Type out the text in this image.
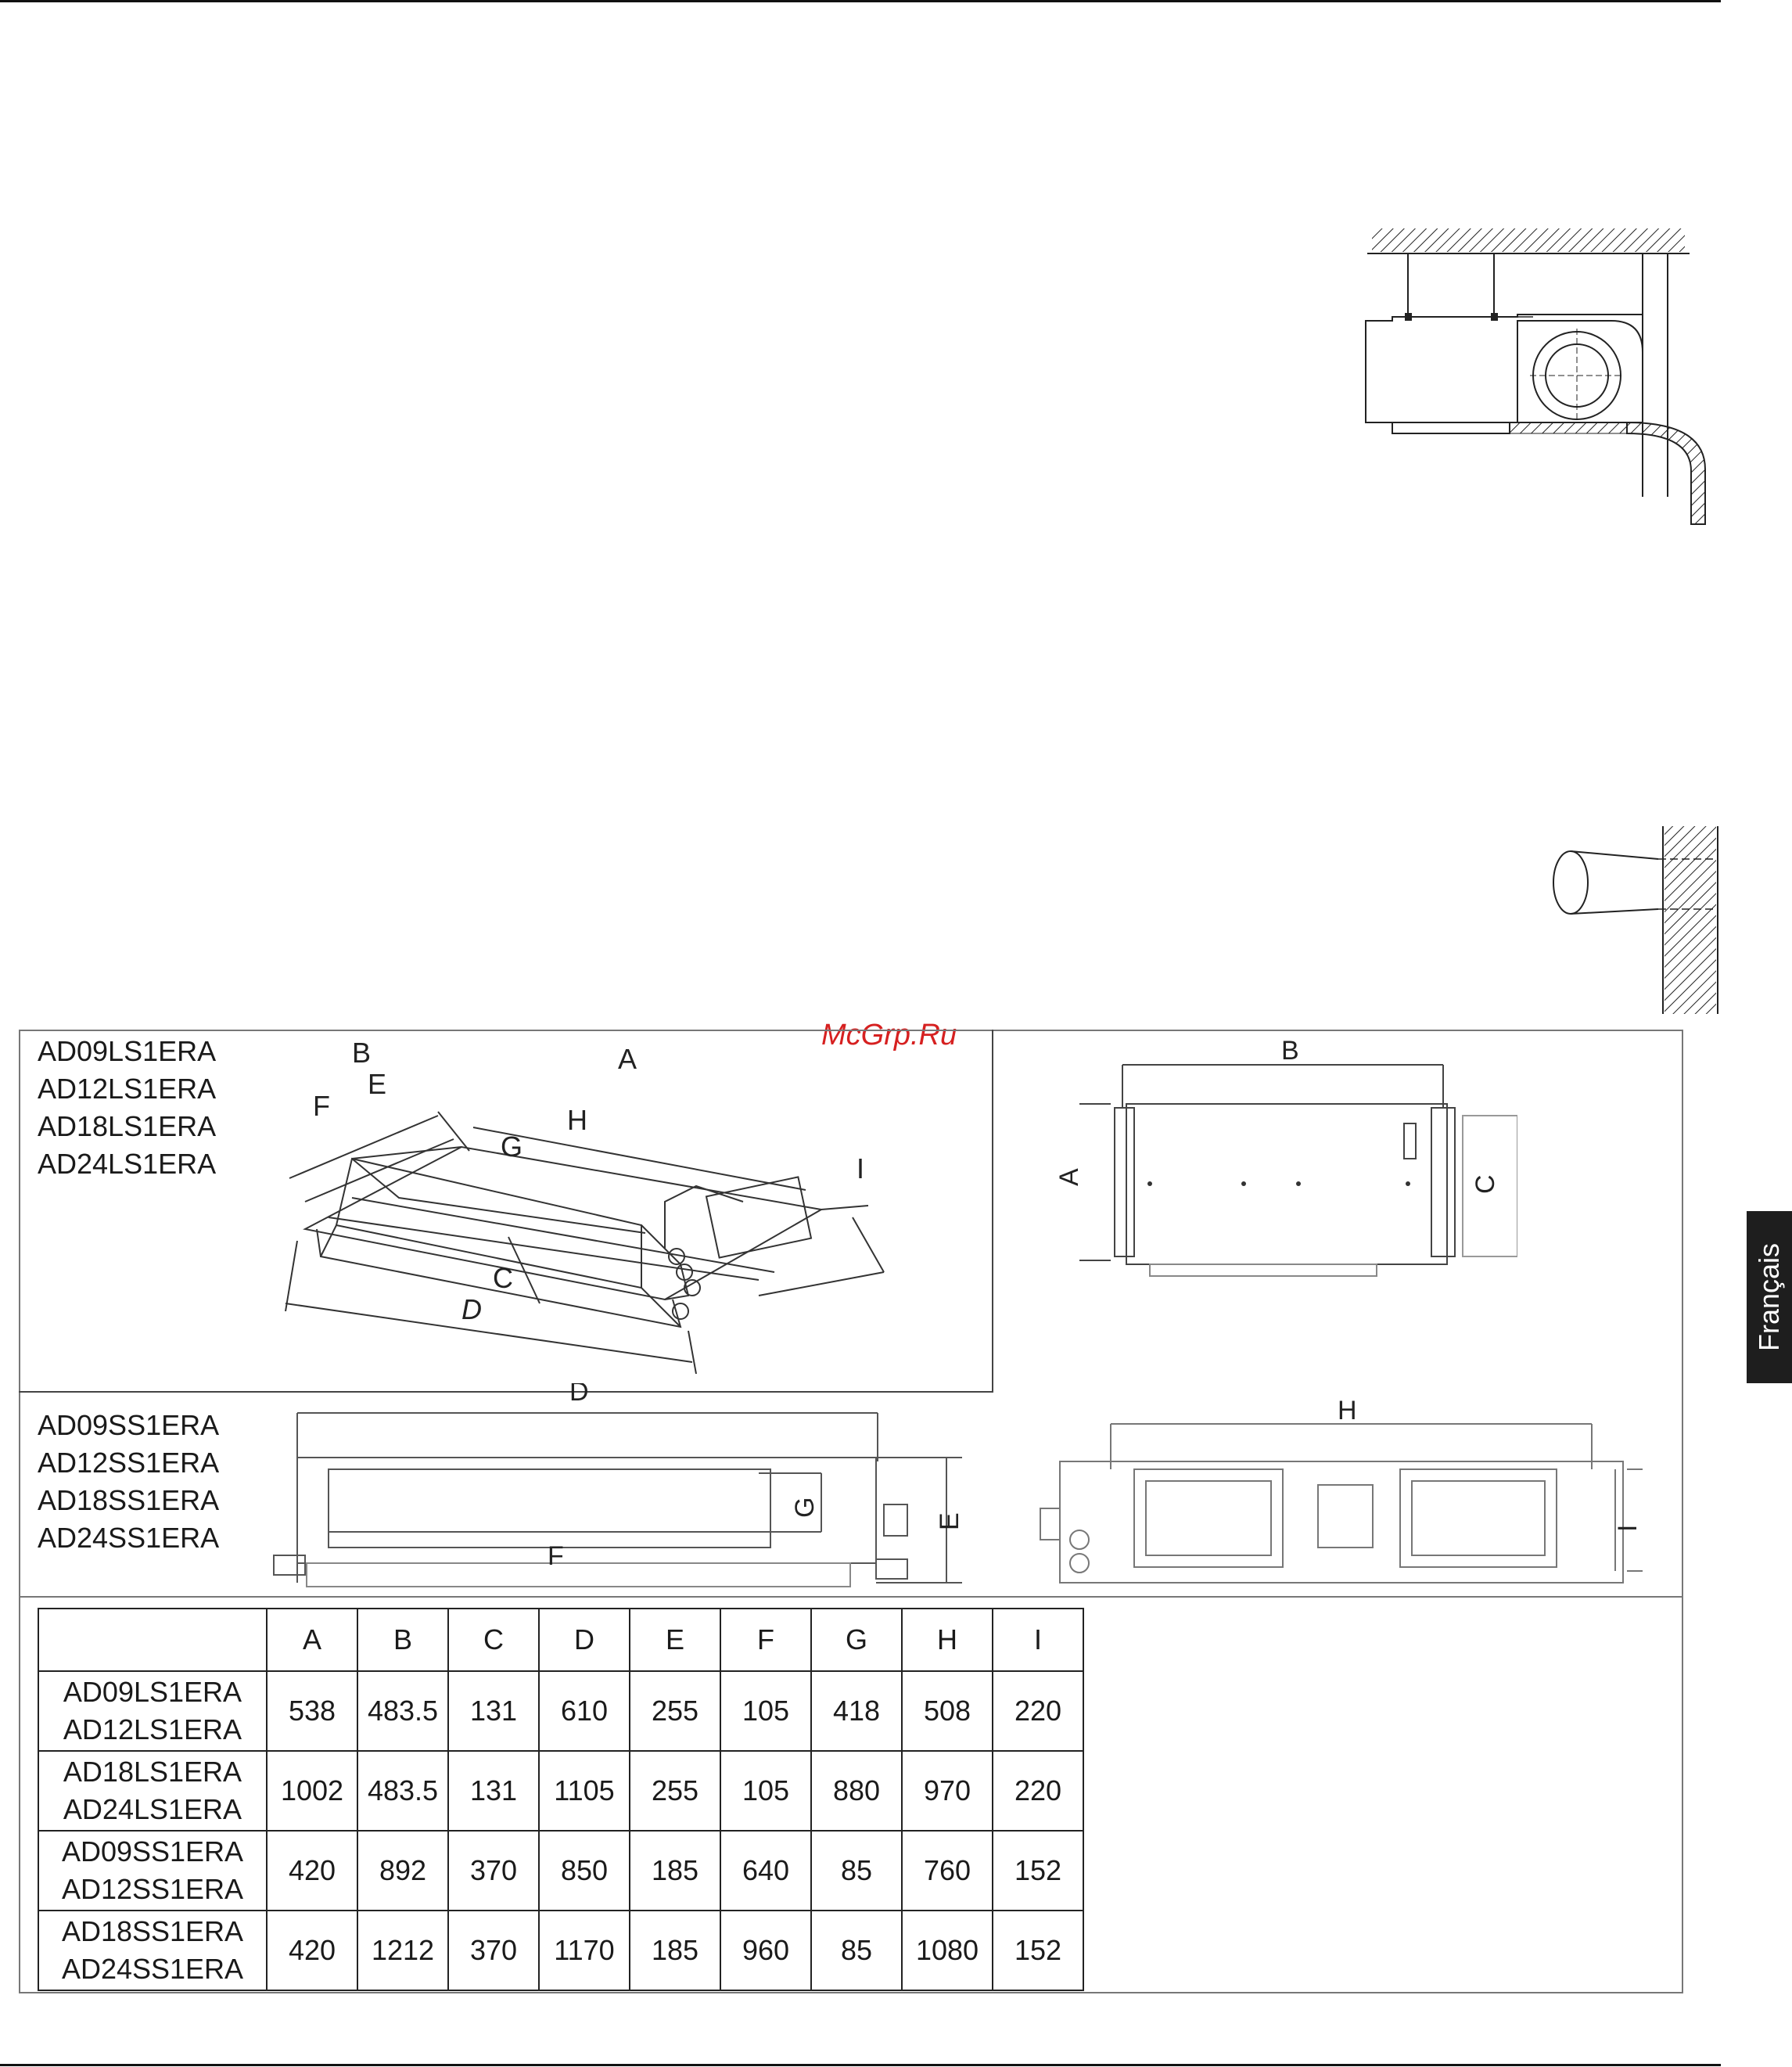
McGrp.Ru
Français
AD09LS1ERA
AD12LS1ERA
AD18LS1ERA
AD24LS1ERA
AD09SS1ERA
AD12SS1ERA
AD18SS1ERA
AD24SS1ERA
A
B
E
F	H
G
I
C
D
B
A	C
D
F
G
E
H
I
	A	B	C	D	E	F	G	H	I

AD09LS1ERA
AD12LS1ERA	538	483.5	131	610	255	105	418	508	220

AD18LS1ERA
AD24LS1ERA	1002	483.5	131	1105	255	105	880	970	220

AD09SS1ERA
AD12SS1ERA	420	892	370	850	185	640	85	760	152

AD18SS1ERA
AD24SS1ERA	420	1212	370	1170	185	960	85	1080	152
